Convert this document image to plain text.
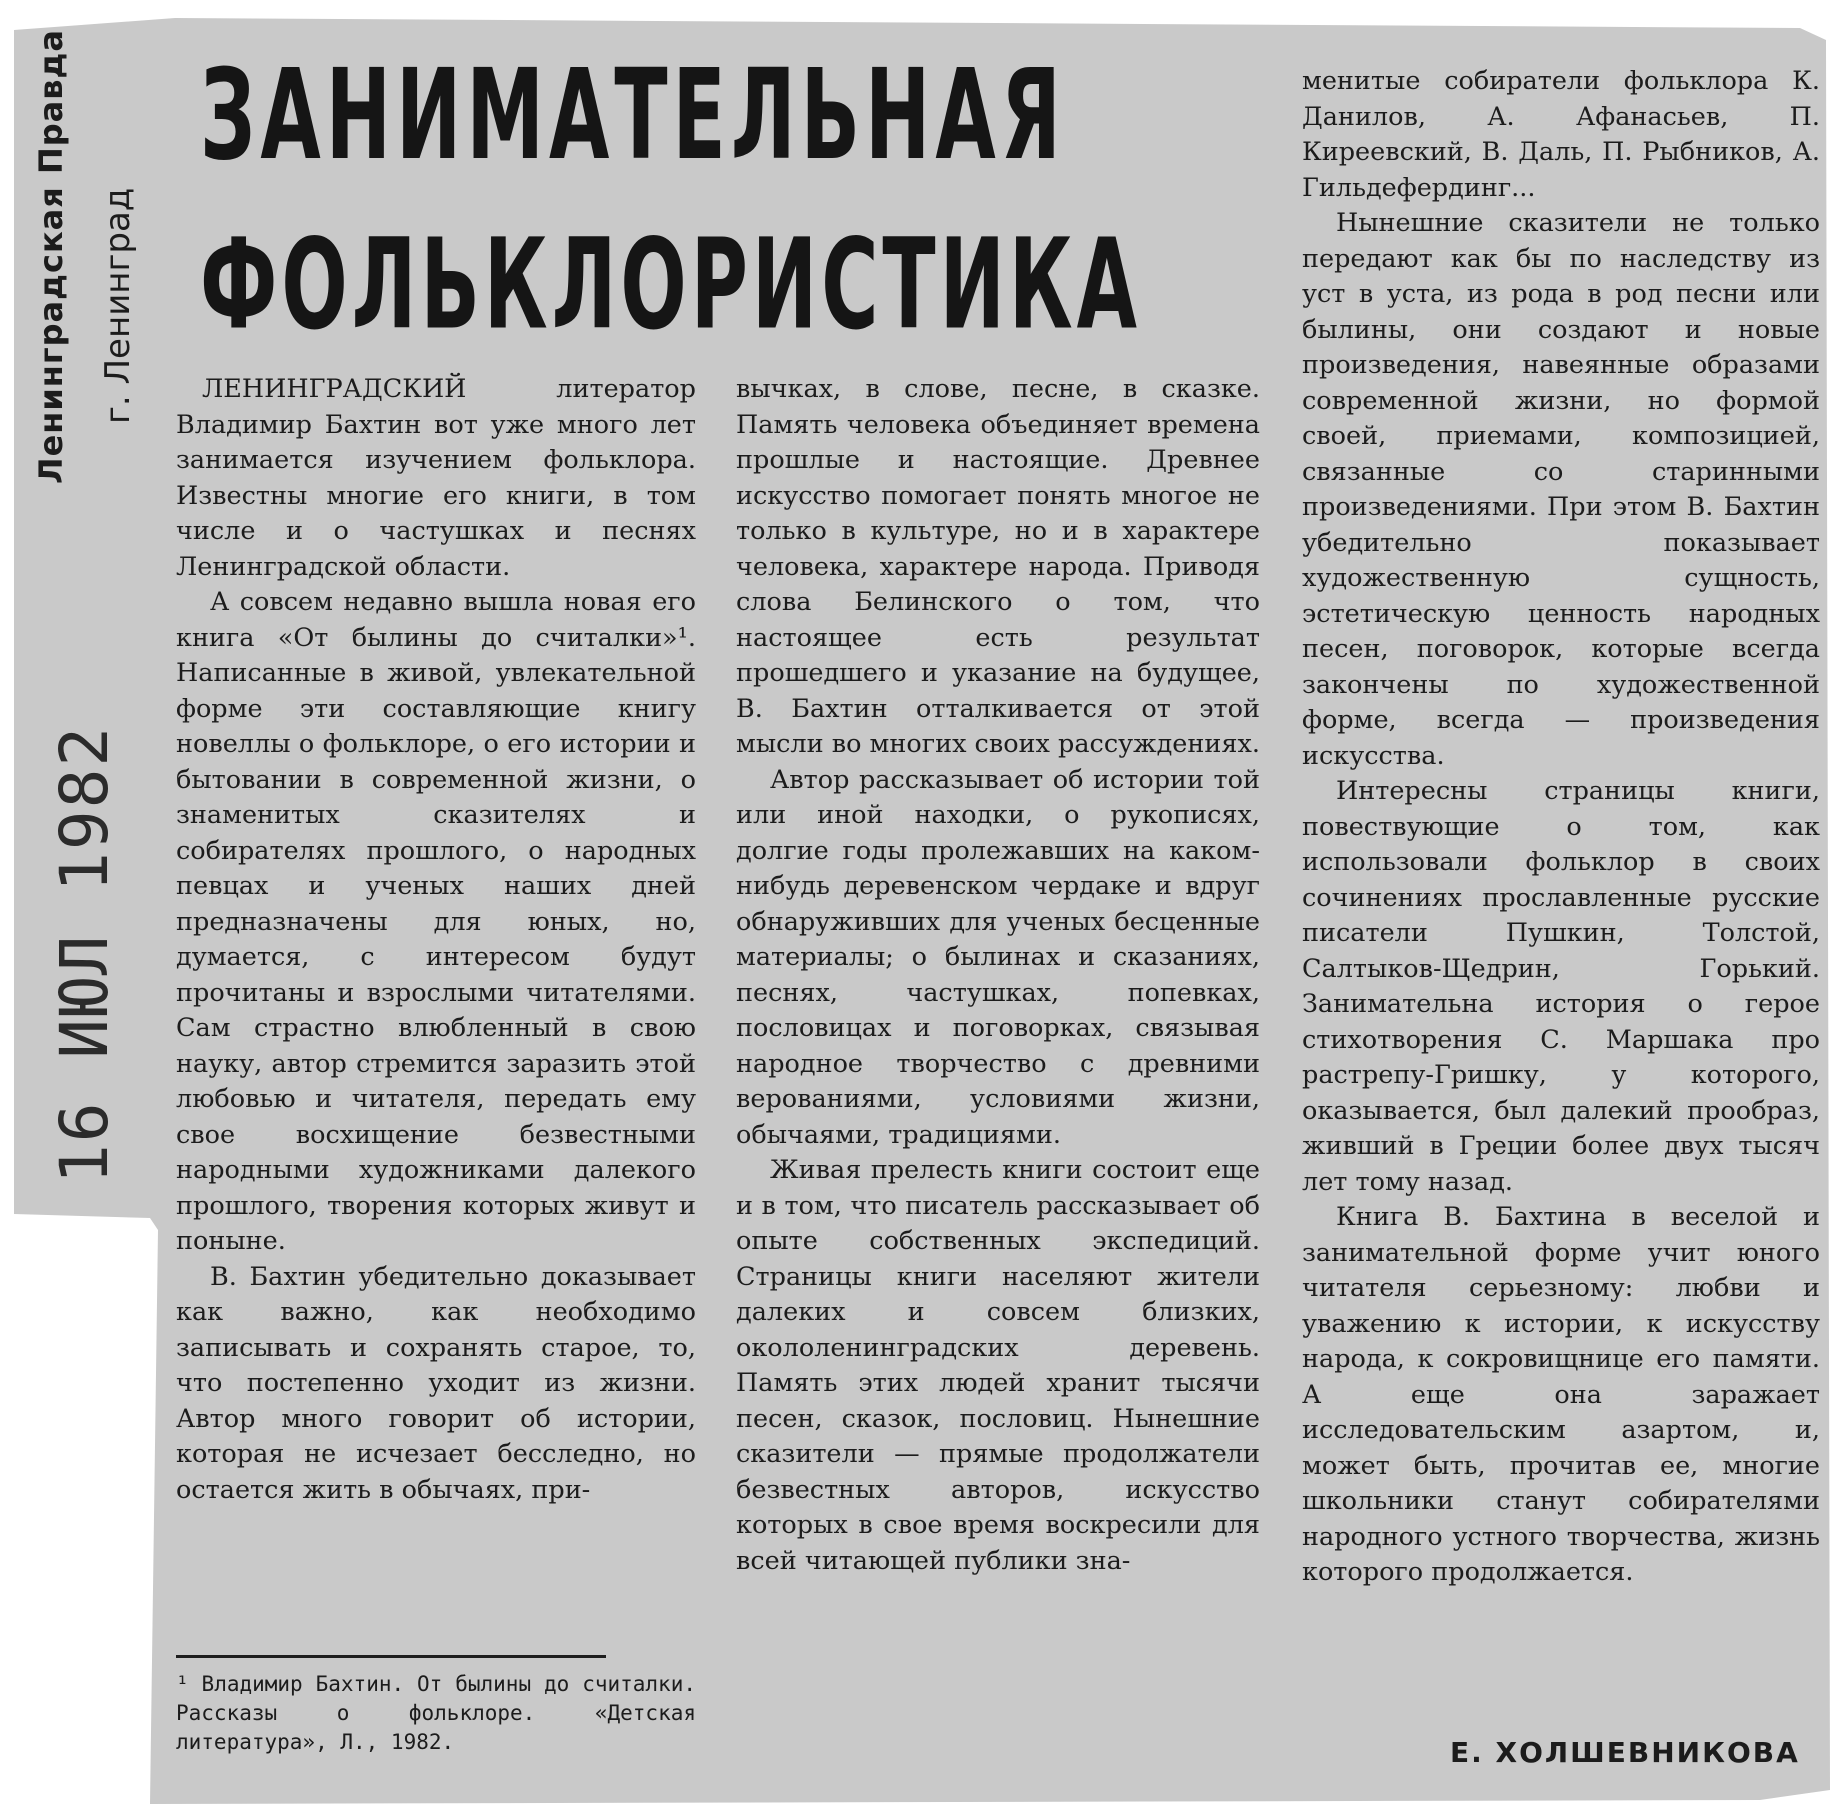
Ленинградская Правда г. Ленинград
16 ИЮЛ 1982
ЗАНИМАТЕЛЬНАЯ
ФОЛЬКЛОРИСТИКА

ЛЕНИНГРАДСКИЙ литератор Владимир Бахтин вот уже много лет занимается изучением фольклора. Известны многие его книги, в том числе и о частушках и песнях Ленинградской области.

А совсем недавно вышла новая его книга «От былины до считалки»¹. Написанные в живой, увлекательной форме эти составляющие книгу новеллы о фольклоре, о его истории и бытовании в современной жизни, о знаменитых сказителях и собирателях прошлого, о народных певцах и ученых наших дней предназначены для юных, но, думается, с интересом будут прочитаны и взрослыми читателями. Сам страстно влюбленный в свою науку, автор стремится заразить этой любовью и читателя, передать ему свое восхищение безвестными народными художниками далекого прошлого, творения которых живут и поныне.

В. Бахтин убедительно доказывает как важно, как необходимо записывать и сохранять старое, то, что постепенно уходит из жизни. Автор много говорит об истории, которая не исчезает бесследно, но остается жить в обычаях, при-

вычках, в слове, песне, в сказке. Память человека объединяет времена прошлые и настоящие. Древнее искусство помогает понять многое не только в культуре, но и в характере человека, характере народа. Приводя слова Белинского о том, что настоящее есть результат прошедшего и указание на будущее, В. Бахтин отталкивается от этой мысли во многих своих рассуждениях.

Автор рассказывает об истории той или иной находки, о рукописях, долгие годы пролежавших на каком-нибудь деревенском чердаке и вдруг обнаруживших для ученых бесценные материалы; о былинах и сказаниях, песнях, частушках, попевках, пословицах и поговорках, связывая народное творчество с древними верованиями, условиями жизни, обычаями, традициями.

Живая прелесть книги состоит еще и в том, что писатель рассказывает об опыте собственных экспедиций. Страницы книги населяют жители далеких и совсем близких, окололенинградских деревень. Память этих людей хранит тысячи песен, сказок, пословиц. Нынешние сказители — прямые продолжатели безвестных авторов, искусство которых в свое время воскресили для всей читающей публики зна-

менитые собиратели фольклора К. Данилов, А. Афанасьев, П. Киреевский, В. Даль, П. Рыбников, А. Гильдефердинг...

Нынешние сказители не только передают как бы по наследству из уст в уста, из рода в род песни или былины, они создают и новые произведения, навеянные образами современной жизни, но формой своей, приемами, композицией, связанные со старинными произведениями. При этом В. Бахтин убедительно показывает художественную сущность, эстетическую ценность народных песен, поговорок, которые всегда закончены по художественной форме, всегда — произведения искусства.

Интересны страницы книги, повествующие о том, как использовали фольклор в своих сочинениях прославленные русские писатели Пушкин, Толстой, Салтыков-Щедрин, Горький. Занимательна история о герое стихотворения С. Маршака про растрепу-Гришку, у которого, оказывается, был далекий прообраз, живший в Греции более двух тысяч лет тому назад.

Книга В. Бахтина в веселой и занимательной форме учит юного читателя серьезному: любви и уважению к истории, к искусству народа, к сокровищнице его памяти. А еще она заражает исследовательским азартом, и, может быть, прочитав ее, многие школьники станут собирателями народного устного творчества, жизнь которого продолжается.

¹ Владимир Бахтин. От былины до считалки. Рассказы о фольклоре. «Детская литература», Л., 1982.	Е. ХОЛШЕВНИКОВА
